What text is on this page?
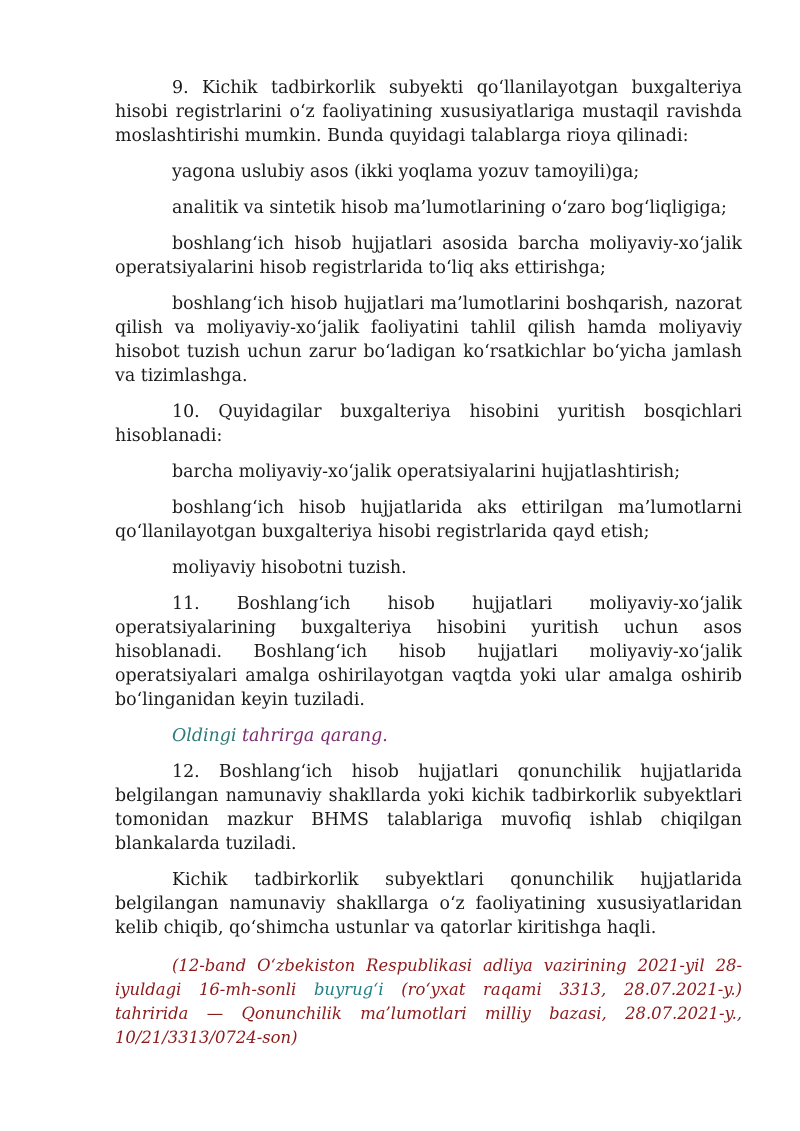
9. Kichik tadbirkorlik subyekti qo‘llanilayotgan buxgalteriya hisobi registrlarini o‘z faoliyatining xususiyatlariga mustaqil ravishda moslashtirishi mumkin. Bunda quyidagi talablarga rioya qilinadi:

yagona uslubiy asos (ikki yoqlama yozuv tamoyili)ga;

analitik va sintetik hisob ma’lumotlarining o‘zaro bog‘liqligiga;

boshlang‘ich hisob hujjatlari asosida barcha moliyaviy-xo‘jalik operatsiyalarini hisob registrlarida to‘liq aks ettirishga;

boshlang‘ich hisob hujjatlari ma’lumotlarini boshqarish, nazorat qilish va moliyaviy-xo‘jalik faoliyatini tahlil qilish hamda moliyaviy hisobot tuzish uchun zarur bo‘ladigan ko‘rsatkichlar bo‘yicha jamlash va tizimlashga.

10. Quyidagilar buxgalteriya hisobini yuritish bosqichlari hisoblanadi:

barcha moliyaviy-xo‘jalik operatsiyalarini hujjatlashtirish;

boshlang‘ich hisob hujjatlarida aks ettirilgan ma’lumotlarni qo‘llanilayotgan buxgalteriya hisobi registrlarida qayd etish;

moliyaviy hisobotni tuzish.

11. Boshlang‘ich hisob hujjatlari moliyaviy-xo‘jalik operatsiyalarining buxgalteriya hisobini yuritish uchun asos hisoblanadi. Boshlang‘ich hisob hujjatlari moliyaviy-xo‘jalik operatsiyalari amalga oshirilayotgan vaqtda yoki ular amalga oshirib bo‘linganidan keyin tuziladi.

Oldingi tahrirga qarang.

12. Boshlang‘ich hisob hujjatlari qonunchilik hujjatlarida belgilangan namunaviy shakllarda yoki kichik tadbirkorlik subyektlari tomonidan mazkur BHMS talablariga muvofiq ishlab chiqilgan blankalarda tuziladi.

Kichik tadbirkorlik subyektlari qonunchilik hujjatlarida belgilangan namunaviy shakllarga o‘z faoliyatining xususiyatlaridan kelib chiqib, qo‘shimcha ustunlar va qatorlar kiritishga haqli.

(12-band O‘zbekiston Respublikasi adliya vazirining 2021-yil 28-iyuldagi 16-mh-sonli buyrug‘i (ro‘yxat raqami 3313, 28.07.2021-y.) tahririda — Qonunchilik ma’lumotlari milliy bazasi, 28.07.2021-y., 10/21/3313/0724-son)
